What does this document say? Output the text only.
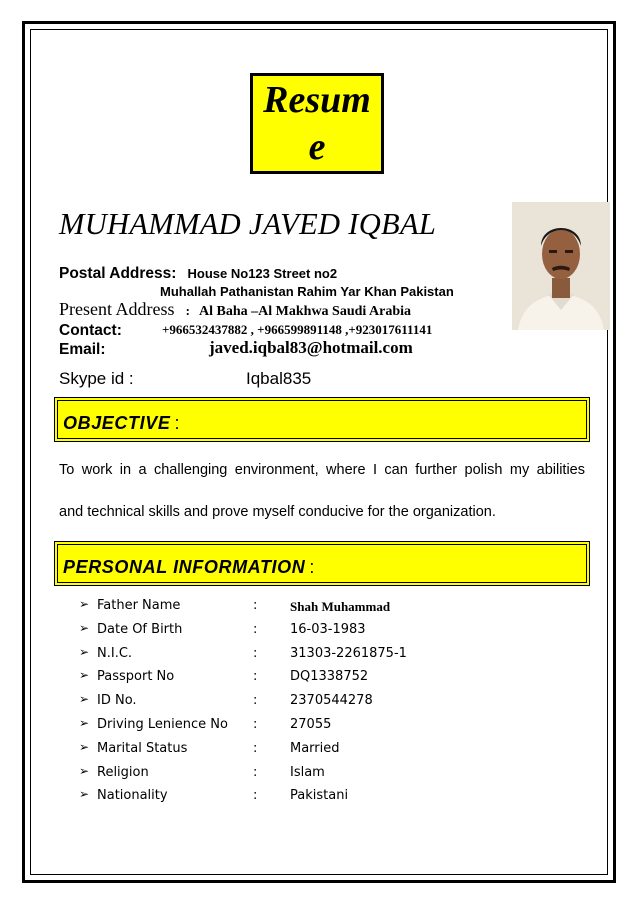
Resume
MUHAMMAD JAVED IQBAL
Postal Address: House No123 Street no2
Muhallah Pathanistan Rahim Yar Khan Pakistan
Present Address : Al Baha –Al Makhwa Saudi Arabia
Contact:	+966532437882 , +966599891148 ,+923017611141
Email:	javed.iqbal83@hotmail.com
Skype id :	Iqbal835
OBJECTIVE :
To work in a challenging environment, where I can further polish my abilities
and technical skills and prove myself conducive for the organization.
PERSONAL INFORMATION :
➢ Father Name	:	Shah Muhammad
➢ Date Of Birth	:	16-03-1983
➢ N.I.C.	:	31303-2261875-1
➢ Passport No	:	DQ1338752
➢ ID No.	:	2370544278
➢ Driving Lenience No :	27055
➢ Marital Status	:	Married
➢ Religion	:	Islam
➢ Nationality	:	Pakistani
